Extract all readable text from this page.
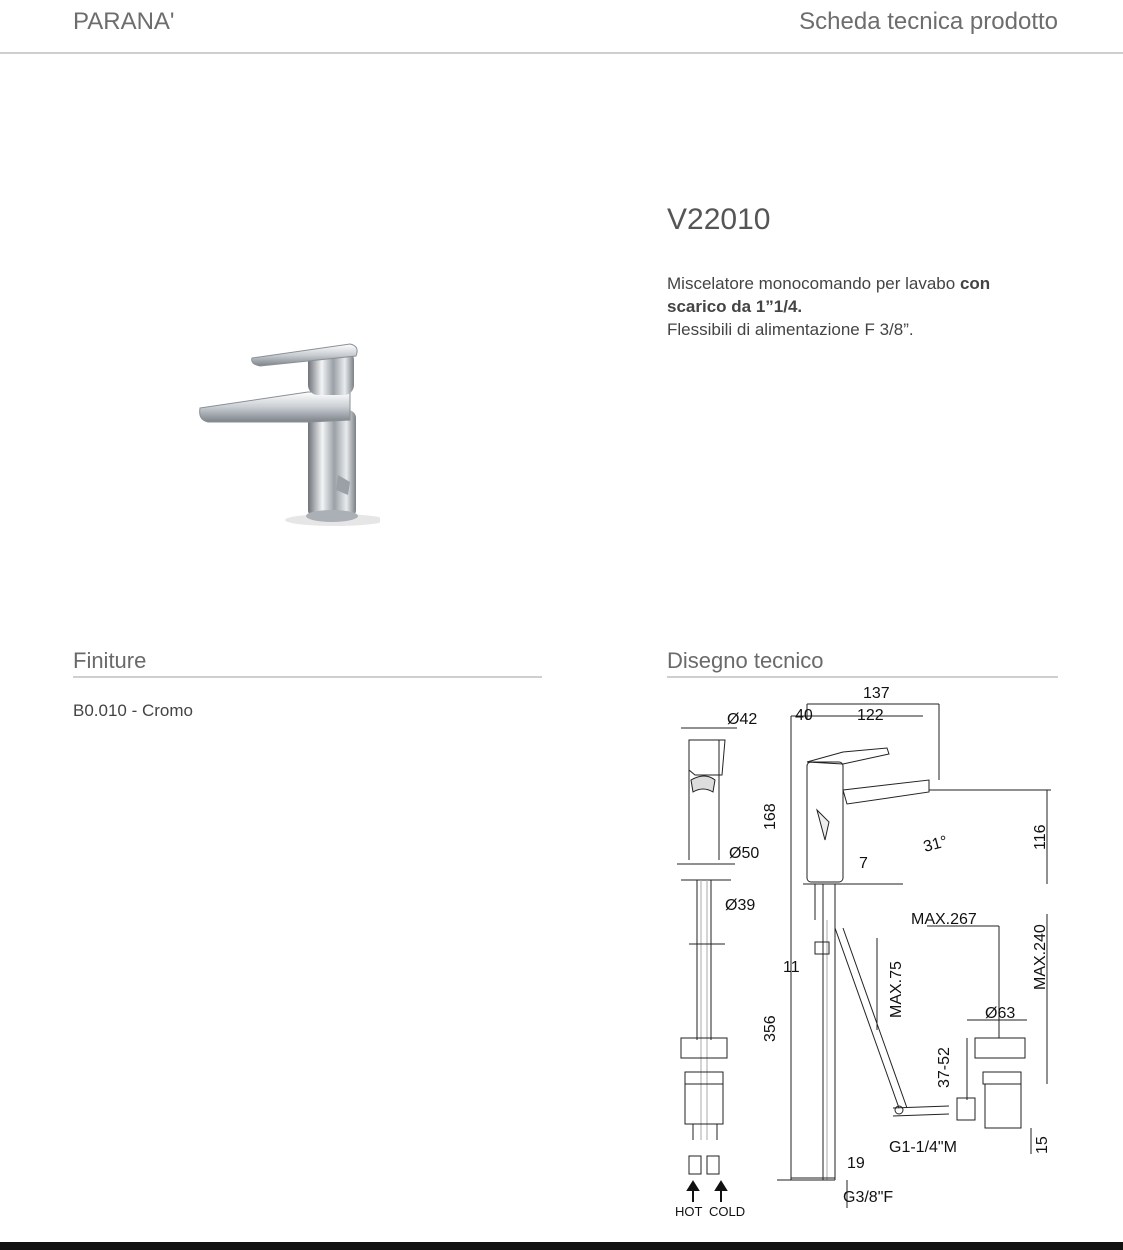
PARANA'	Scheda tecnica prodotto
V22010
Miscelatore monocomando per lavabo con scarico da 1”1/4.
Flessibili di alimentazione F 3/8”.
Finiture
B0.010 - Cromo
Disegno tecnico
Ø42
Ø50
Ø39
137
40	122
168
116
31°
7
MAX.267
MAX.240
MAX.75
11
356
Ø63
37-52
G1-1/4"M	15
19
G3/8"F
HOT COLD
